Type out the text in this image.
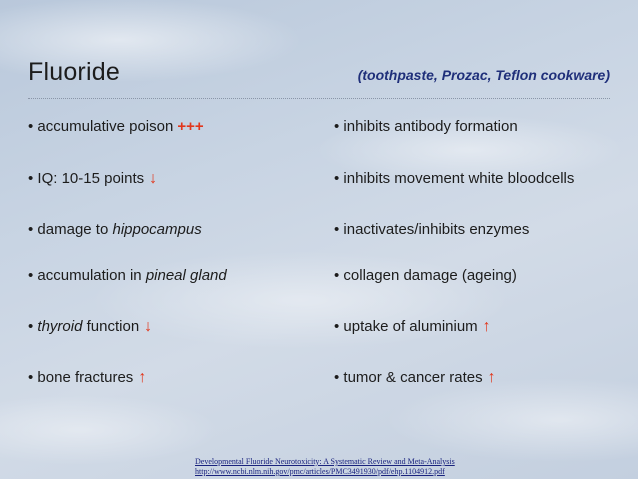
Fluoride	(toothpaste, Prozac, Teflon cookware)
• accumulative poison +++
• IQ: 10-15 points ↓
• damage to hippocampus
• accumulation in pineal gland
• thyroid function ↓
• bone fractures ↑
• inhibits antibody formation
• inhibits movement white bloodcells
• inactivates/inhibits enzymes
• collagen damage (ageing)
• uptake of aluminium ↑
• tumor & cancer rates ↑
Developmental Fluoride Neurotoxicity: A Systematic Review and Meta-Analysis
http://www.ncbi.nlm.nih.gov/pmc/articles/PMC3491930/pdf/ehp.1104912.pdf
